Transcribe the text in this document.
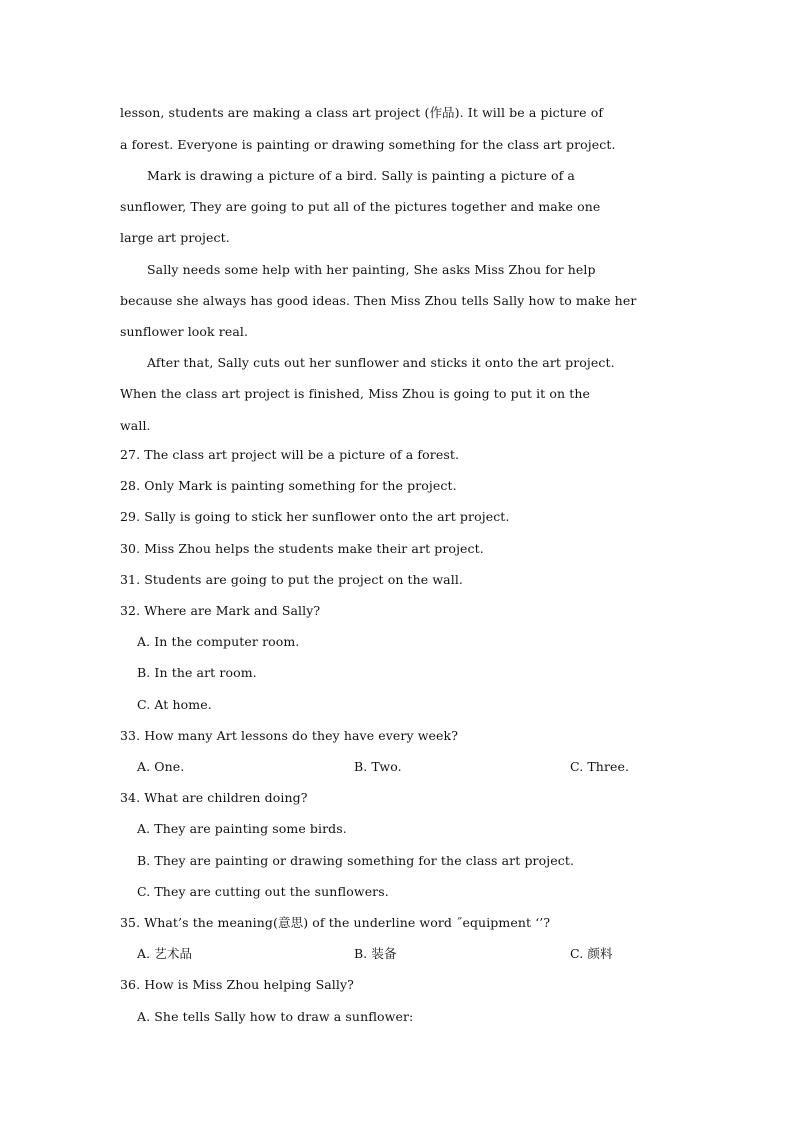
lesson, students are making a class art project (作品). It will be a picture of
a forest. Everyone is painting or drawing something for the class art project.
Mark is drawing a picture of a bird. Sally is painting a picture of a
sunflower, They are going to put all of the pictures together and make one
large art project.
Sally needs some help with her painting, She asks Miss Zhou for help
because she always has good ideas. Then Miss Zhou tells Sally how to make her
sunflower look real.
After that, Sally cuts out her sunflower and sticks it onto the art project.
When the class art project is finished, Miss Zhou is going to put it on the
wall.
27. The class art project will be a picture of a forest.
28. Only Mark is painting something for the project.
29. Sally is going to stick her sunflower onto the art project.
30. Miss Zhou helps the students make their art project.
31. Students are going to put the project on the wall.
32. Where are Mark and Sally?
A. In the computer room.
B. In the art room.
C. At home.
33. How many Art lessons do they have every week?
A. One.	B. Two.	C. Three.
34. What are children doing?
A. They are painting some birds.
B. They are painting or drawing something for the class art project.
C. They are cutting out the sunflowers.
35. What’s the meaning(意思) of the underline word ˝equipment ‘’?
A. 艺术品	B. 装备	C. 颜料
36. How is Miss Zhou helping Sally?
A. She tells Sally how to draw a sunflower:
